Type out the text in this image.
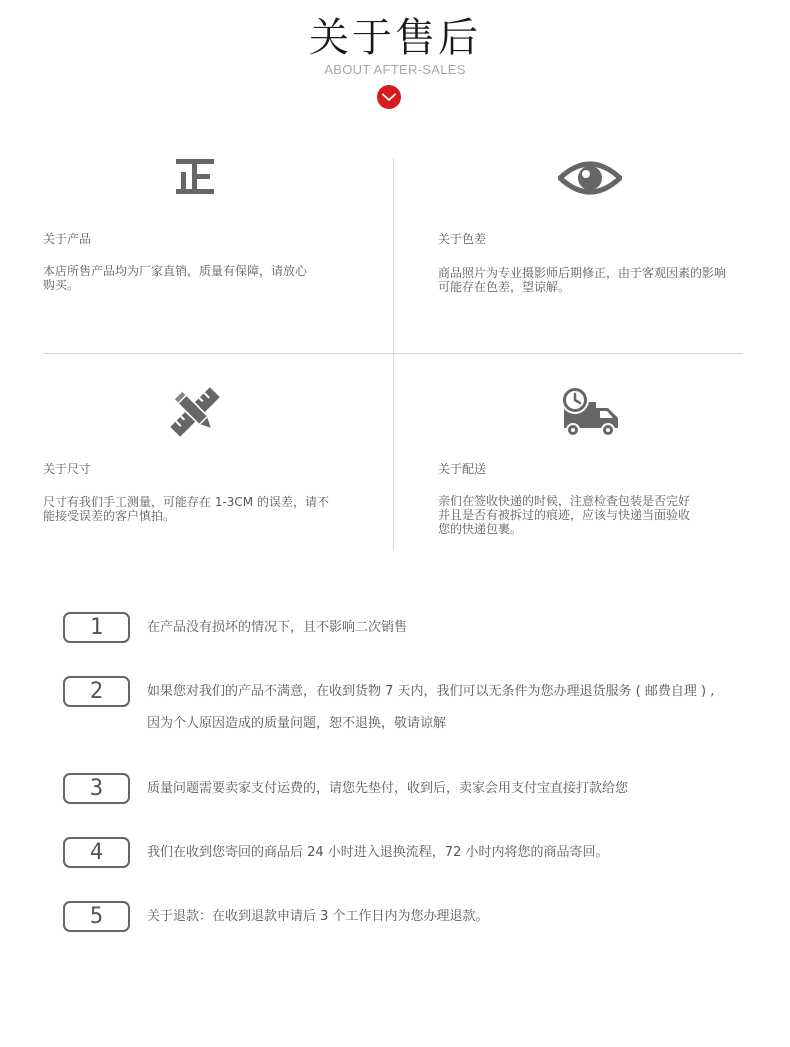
关于售后
ABOUT AFTER-SALES
关于产品
本店所售产品均为厂家直销，质量有保障，请放心
购买。
关于色差
商品照片为专业摄影师后期修正，由于客观因素的影响
可能存在色差，望谅解。
关于尺寸
尺寸有我们手工测量，可能存在 1-3CM 的误差，请不
能接受误差的客户慎拍。
关于配送
亲们在签收快递的时候，注意检查包装是否完好
并且是否有被拆过的痕迹，应该与快递当面验收
您的快递包裹。
1	在产品没有损坏的情况下，且不影响二次销售
2	如果您对我们的产品不满意，在收到货物 7 天内，我们可以无条件为您办理退货服务 ( 邮费自理 ) ,
因为个人原因造成的质量问题，恕不退换，敬请谅解
3	质量问题需要卖家支付运费的，请您先垫付，收到后，卖家会用支付宝直接打款给您
4	我们在收到您寄回的商品后 24 小时进入退换流程，72 小时内将您的商品寄回。
5	关于退款：在收到退款申请后 3 个工作日内为您办理退款。
